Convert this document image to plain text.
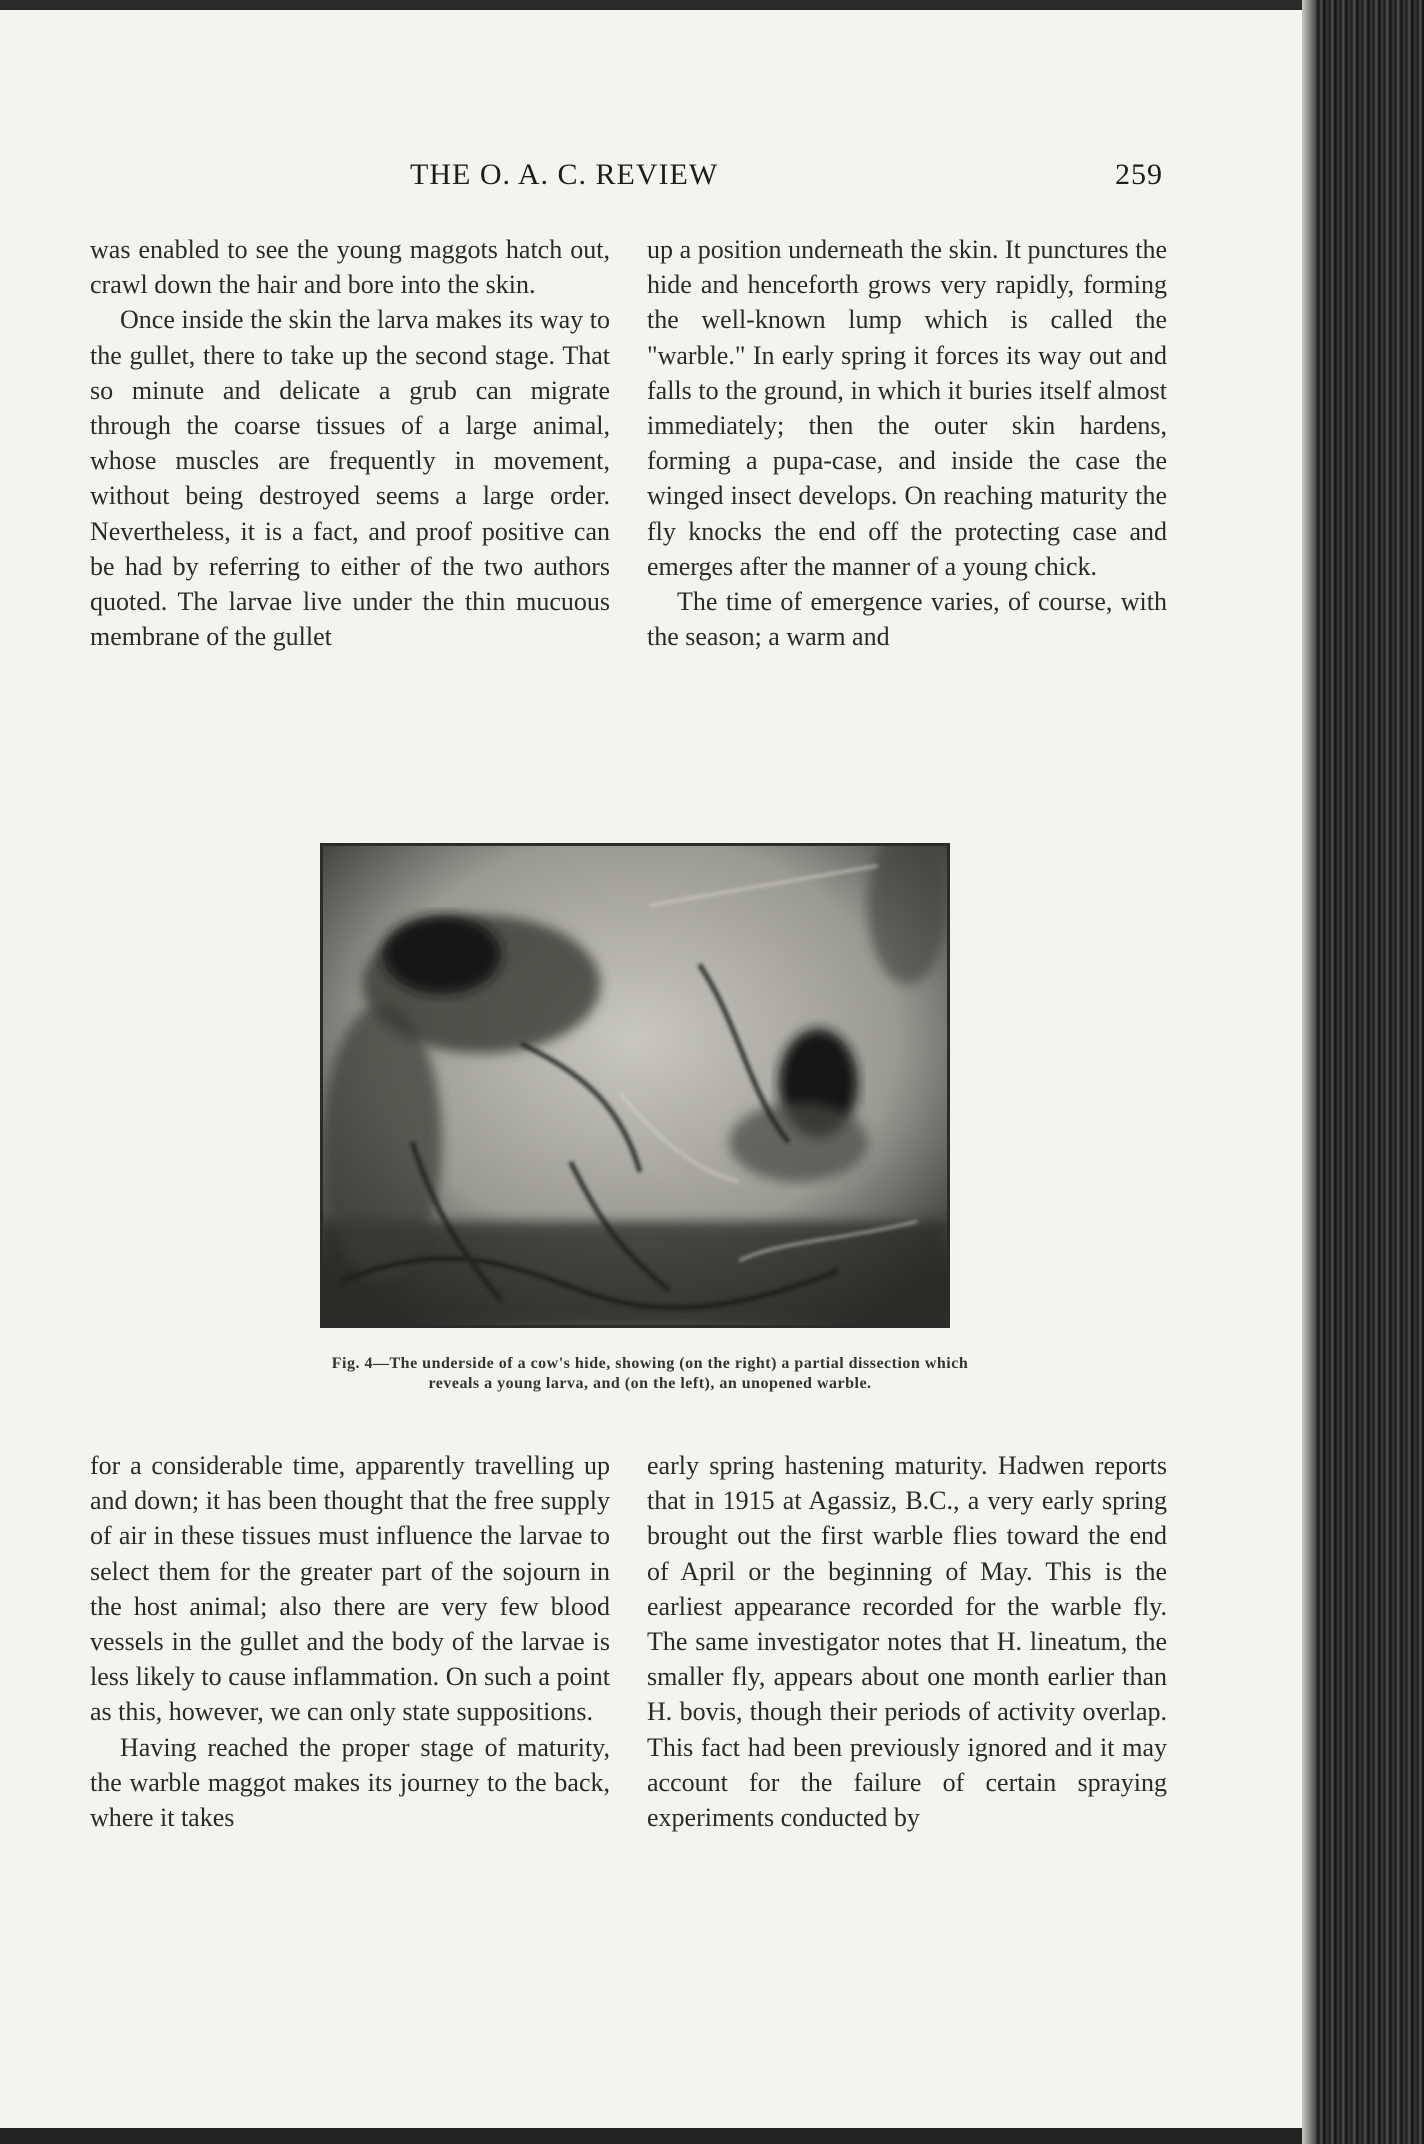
THE O. A. C. REVIEW	259

was enabled to see the young maggots hatch out, crawl down the hair and bore into the skin.

Once inside the skin the larva makes its way to the gullet, there to take up the second stage. That so minute and delicate a grub can migrate through the coarse tissues of a large animal, whose muscles are frequently in movement, without being destroyed seems a large order. Nevertheless, it is a fact, and proof positive can be had by referring to either of the two authors quoted. The larvae live under the thin mucuous membrane of the gullet

up a position underneath the skin. It punctures the hide and henceforth grows very rapidly, forming the well-known lump which is called the "warble." In early spring it forces its way out and falls to the ground, in which it buries itself almost immediately; then the outer skin hardens, forming a pupa-case, and inside the case the winged insect develops. On reaching maturity the fly knocks the end off the protecting case and emerges after the manner of a young chick.

The time of emergence varies, of course, with the season; a warm and

Fig. 4—The underside of a cow's hide, showing (on the right) a partial dissection which
reveals a young larva, and (on the left), an unopened warble.

for a considerable time, apparently travelling up and down; it has been thought that the free supply of air in these tissues must influence the larvae to select them for the greater part of the sojourn in the host animal; also there are very few blood vessels in the gullet and the body of the larvae is less likely to cause inflammation. On such a point as this, however, we can only state suppositions.

Having reached the proper stage of maturity, the warble maggot makes its journey to the back, where it takes

early spring hastening maturity. Hadwen reports that in 1915 at Agassiz, B.C., a very early spring brought out the first warble flies toward the end of April or the beginning of May. This is the earliest appearance recorded for the warble fly. The same investigator notes that H. lineatum, the smaller fly, appears about one month earlier than H. bovis, though their periods of activity overlap. This fact had been previously ignored and it may account for the failure of certain spraying experiments conducted by
